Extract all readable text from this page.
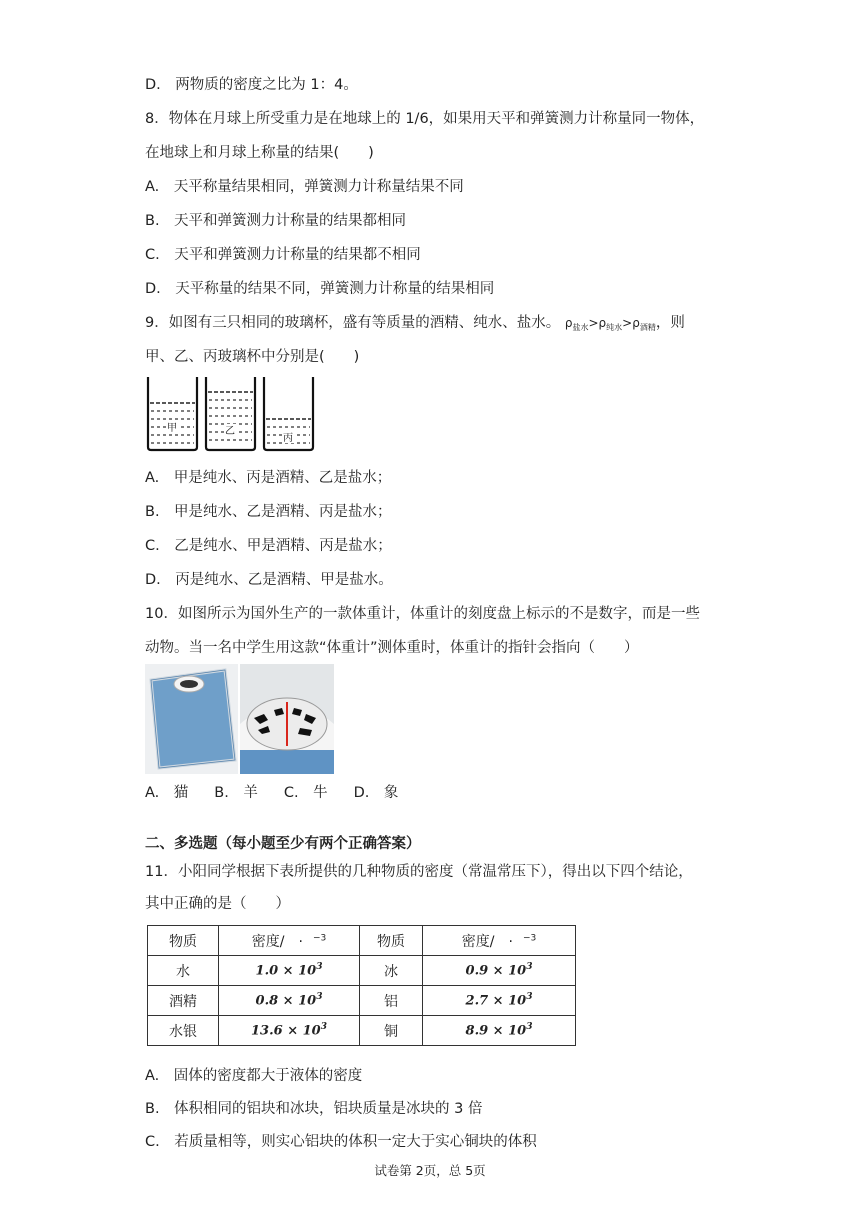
D.　两物质的密度之比为 1：4。
8．物体在月球上所受重力是在地球上的 1/6，如果用天平和弹簧测力计称量同一物体，
在地球上和月球上称量的结果(　　)
A.　天平称量结果相同，弹簧测力计称量结果不同
B.　天平和弹簧测力计称量的结果都相同
C.　天平和弹簧测力计称量的结果都不相同
D.　天平称量的结果不同，弹簧测力计称量的结果相同
9．如图有三只相同的玻璃杯，盛有等质量的酒精、纯水、盐水。 $\rho_{盐水}>\rho_{纯水}>\rho_{酒精}$，则
甲、乙、丙玻璃杯中分别是(　　)
甲	乙
丙
A.　甲是纯水、丙是酒精、乙是盐水；
B.　甲是纯水、乙是酒精、丙是盐水；
C.　乙是纯水、甲是酒精、丙是盐水；
D.　丙是纯水、乙是酒精、甲是盐水。
10．如图所示为国外生产的一款体重计，体重计的刻度盘上标示的不是数字，而是一些
动物。当一名中学生用这款“体重计”测体重时，体重计的指针会指向（　　）
A.　猫 B.　羊 C.　牛 D.　象
二、多选题（每小题至少有两个正确答案）
11．小阳同学根据下表所提供的几种物质的密度（常温常压下），得出以下四个结论，
其中正确的是（　　）
物质	密度/ · $^{-3}$	物质	密度/ · $^{-3}$
水	$1.0 \times 10^3$	冰	$0.9 \times 10^3$
酒精	$0.8 \times 10^3$	铝	$2.7 \times 10^3$
水银	$13.6 \times 10^3$	铜	$8.9 \times 10^3$
A.　固体的密度都大于液体的密度
B.　体积相同的铝块和冰块，铝块质量是冰块的 3 倍
C.　若质量相等，则实心铝块的体积一定大于实心铜块的体积
试卷第 2页，总 5页
